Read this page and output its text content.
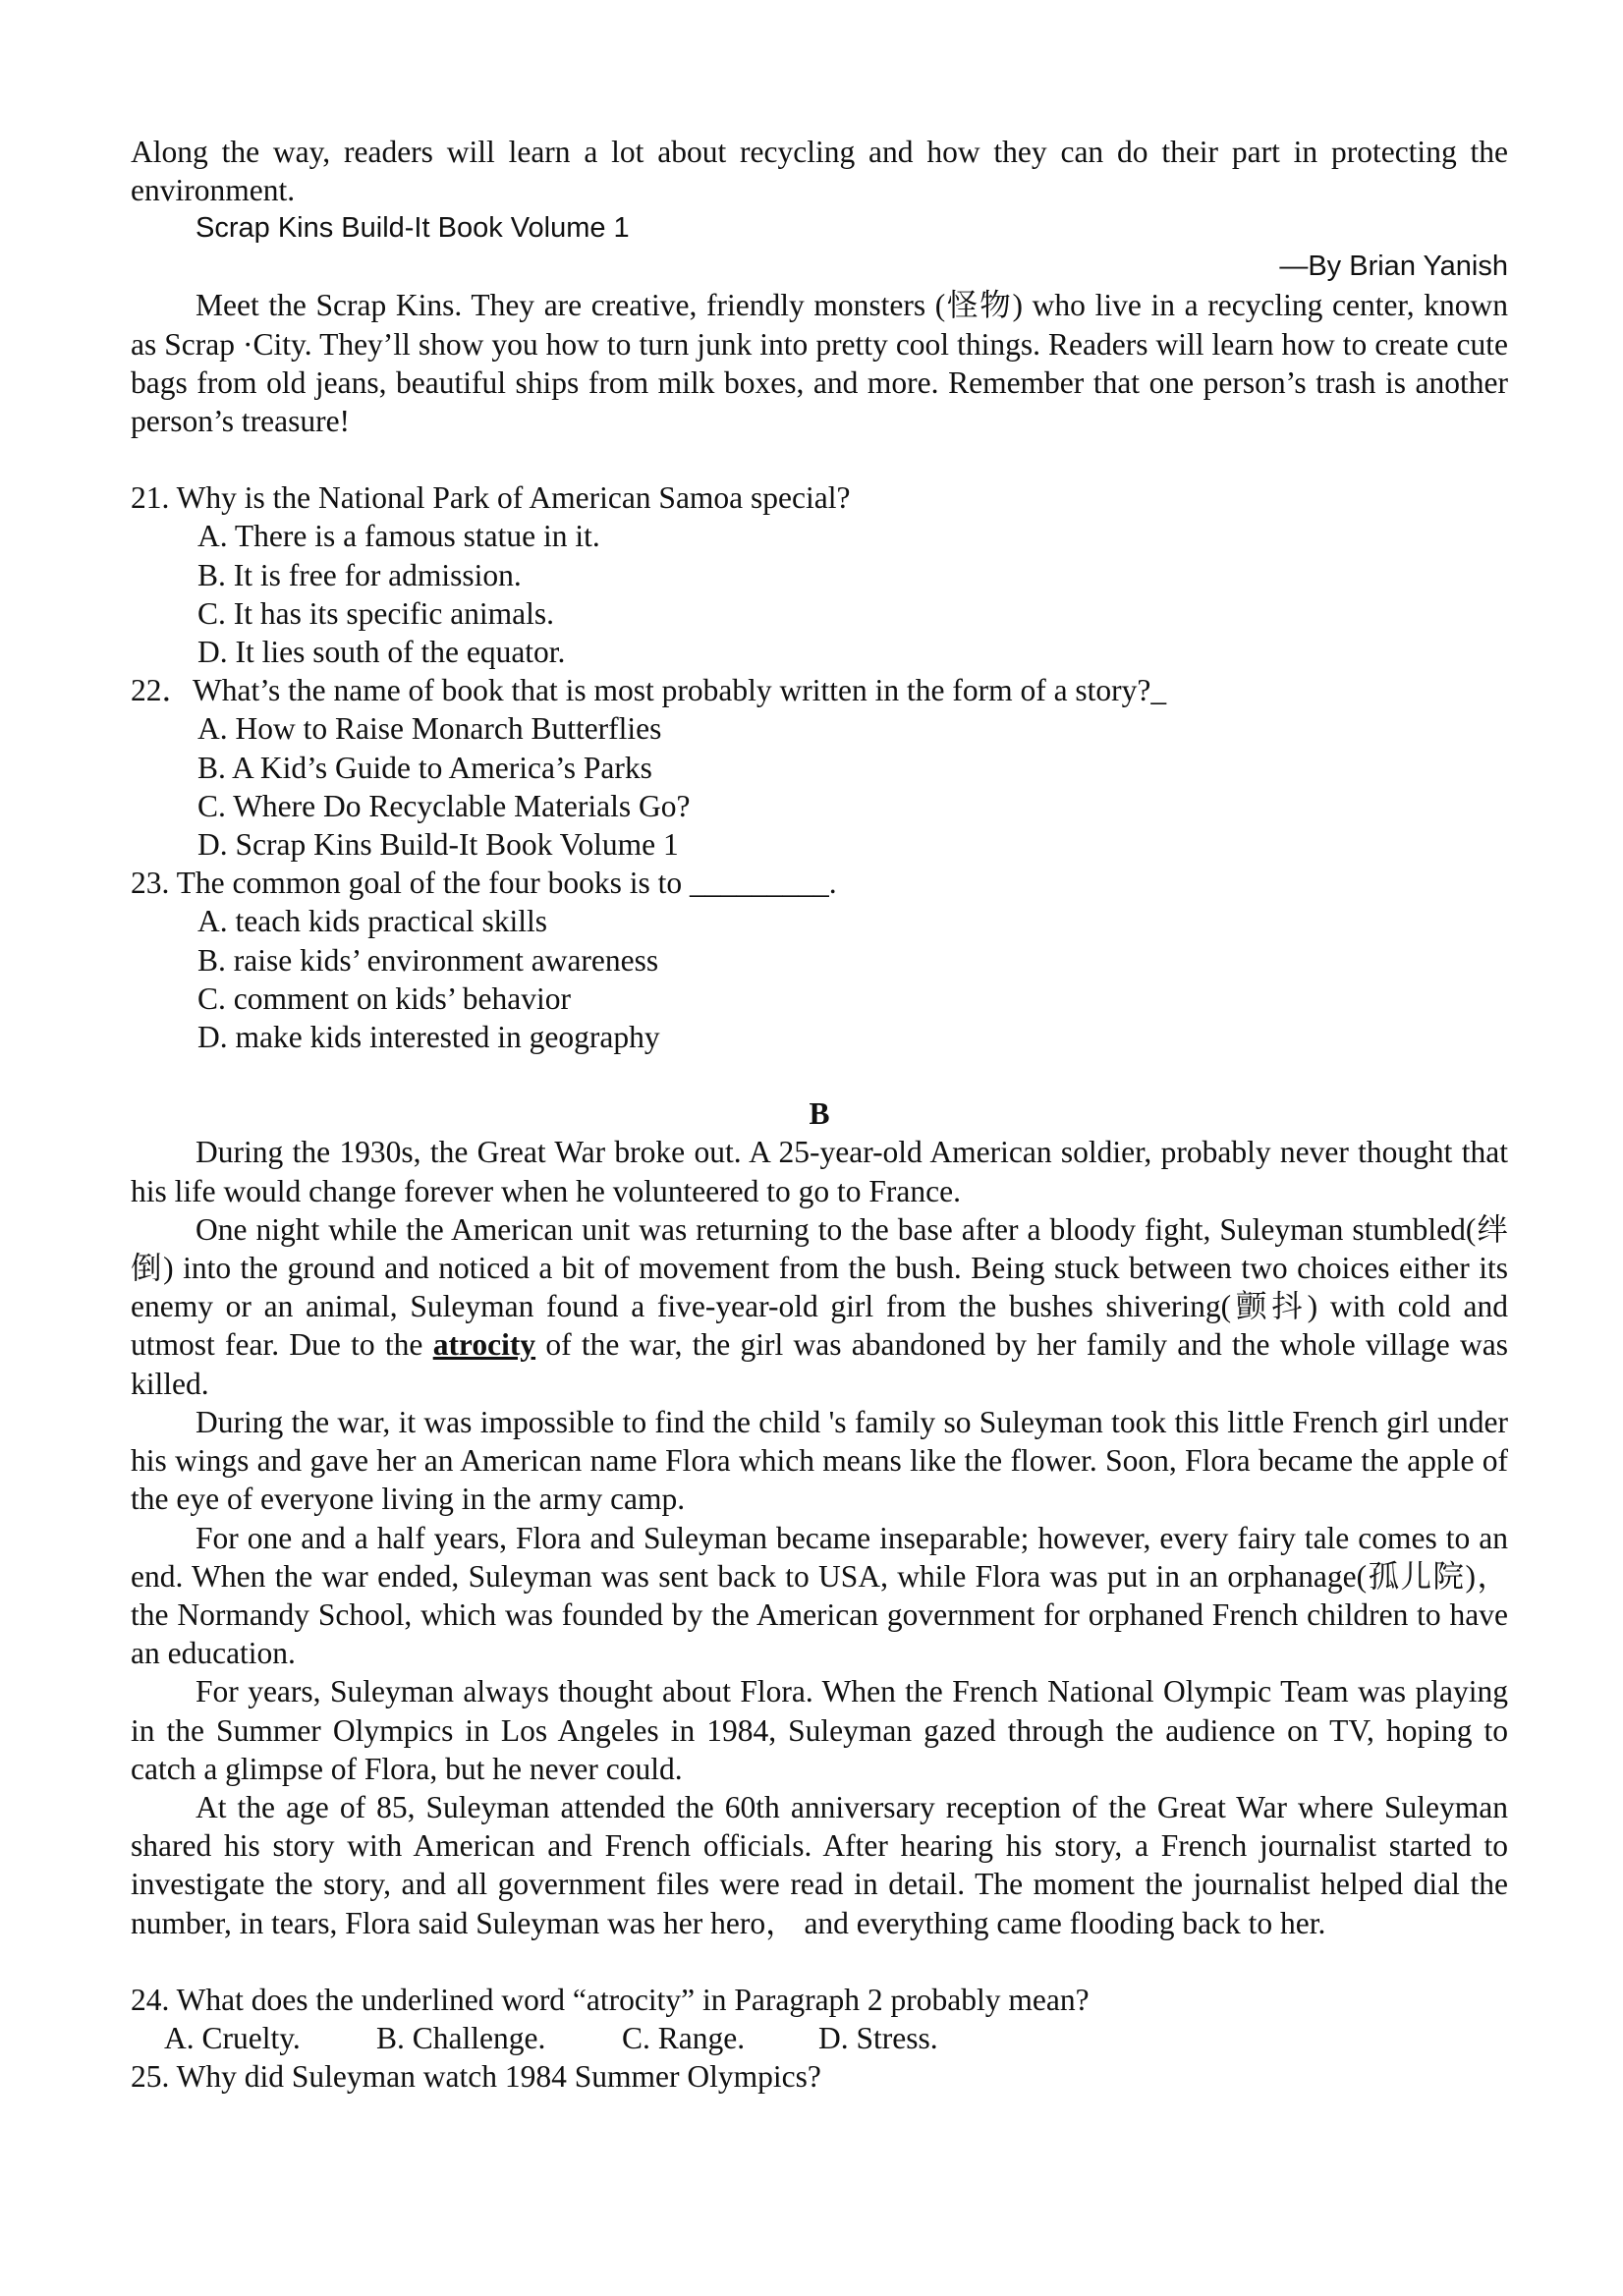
Along the way, readers will learn a lot about recycling and how they can do their part in protecting the environment.

Scrap Kins Build-It Book Volume 1
—By Brian Yanish

Meet the Scrap Kins. They are creative, friendly monsters (怪物) who live in a recycling center, known as Scrap ·City. They’ll show you how to turn junk into pretty cool things. Readers will learn how to create cute bags from old jeans, beautiful ships from milk boxes, and more. Remember that one person’s trash is another person’s treasure!

21. Why is the National Park of American Samoa special?

A. There is a famous statue in it.

B. It is free for admission.

C. It has its specific animals.

D. It lies south of the equator.

22．What’s the name of book that is most probably written in the form of a story?_

A. How to Raise Monarch Butterflies

B. A Kid’s Guide to America’s Parks

C. Where Do Recyclable Materials Go?

D. Scrap Kins Build-It Book Volume 1

23. The common goal of the four books is to _________.

A. teach kids practical skills

B. raise kids’ environment awareness

C. comment on kids’ behavior

D. make kids interested in geography

B

During the 1930s, the Great War broke out. A 25-year-old American soldier, probably never thought that his life would change forever when he volunteered to go to France.

One night while the American unit was returning to the base after a bloody fight, Suleyman stumbled(绊倒) into the ground and noticed a bit of movement from the bush. Being stuck between two choices either its enemy or an animal, Suleyman found a five-year-old girl from the bushes shivering(颤抖) with cold and utmost fear. Due to the atrocity of the war, the girl was abandoned by her family and the whole village was killed.

During the war, it was impossible to find the child 's family so Suleyman took this little French girl under his wings and gave her an American name Flora which means like the flower. Soon, Flora became the apple of the eye of everyone living in the army camp.

For one and a half years, Flora and Suleyman became inseparable; however, every fairy tale comes to an end. When the war ended, Suleyman was sent back to USA, while Flora was put in an orphanage(孤儿院)， the Normandy School, which was founded by the American government for orphaned French children to have an education.

For years, Suleyman always thought about Flora. When the French National Olympic Team was playing in the Summer Olympics in Los Angeles in 1984, Suleyman gazed through the audience on TV, hoping to catch a glimpse of Flora, but he never could.

At the age of 85, Suleyman attended the 60th anniversary reception of the Great War where Suleyman shared his story with American and French officials. After hearing his story, a French journalist started to investigate the story, and all government files were read in detail. The moment the journalist helped dial the number, in tears, Flora said Suleyman was her hero， and everything came flooding back to her.

24. What does the underlined word “atrocity” in Paragraph 2 probably mean?

A. Cruelty.	B. Challenge.	C. Range.	D. Stress.

25. Why did Suleyman watch 1984 Summer Olympics?
